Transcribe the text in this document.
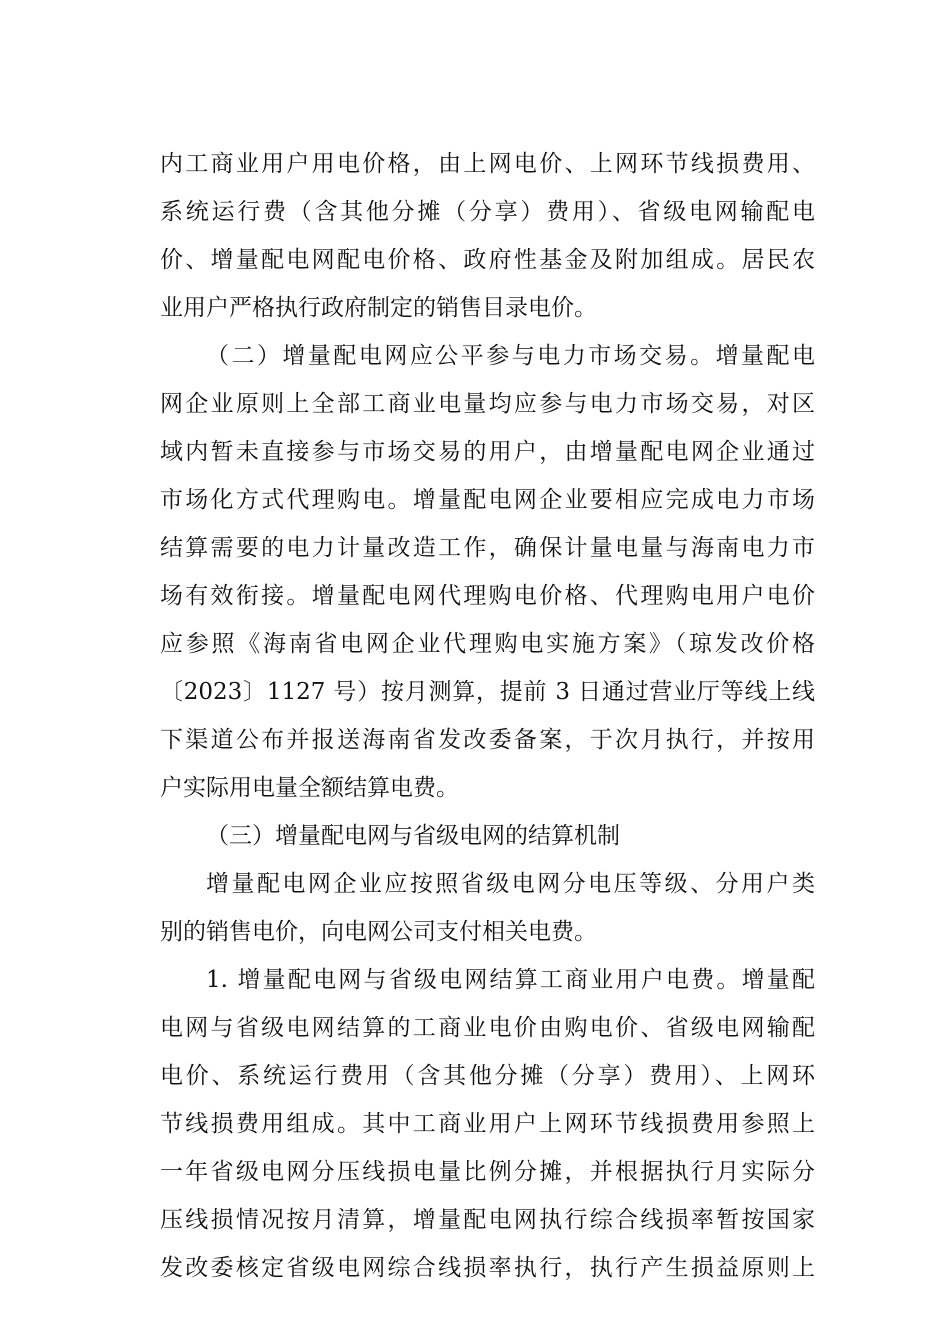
内工商业用户用电价格，由上网电价、上网环节线损费用、
系统运行费（含其他分摊（分享）费用）、省级电网输配电
价、增量配电网配电价格、政府性基金及附加组成。居民农
业用户严格执行政府制定的销售目录电价。
（二）增量配电网应公平参与电力市场交易。增量配电
网企业原则上全部工商业电量均应参与电力市场交易，对区
域内暂未直接参与市场交易的用户，由增量配电网企业通过
市场化方式代理购电。增量配电网企业要相应完成电力市场
结算需要的电力计量改造工作，确保计量电量与海南电力市
场有效衔接。增量配电网代理购电价格、代理购电用户电价
应参照《海南省电网企业代理购电实施方案》（琼发改价格
〔2023〕1127 号）按月测算，提前 3 日通过营业厅等线上线
下渠道公布并报送海南省发改委备案，于次月执行，并按用
户实际用电量全额结算电费。
（三）增量配电网与省级电网的结算机制
增量配电网企业应按照省级电网分电压等级、分用户类
别的销售电价，向电网公司支付相关电费。
1. 增量配电网与省级电网结算工商业用户电费。增量配
电网与省级电网结算的工商业电价由购电价、省级电网输配
电价、系统运行费用（含其他分摊（分享）费用）、上网环
节线损费用组成。其中工商业用户上网环节线损费用参照上
一年省级电网分压线损电量比例分摊，并根据执行月实际分
压线损情况按月清算，增量配电网执行综合线损率暂按国家
发改委核定省级电网综合线损率执行，执行产生损益原则上
